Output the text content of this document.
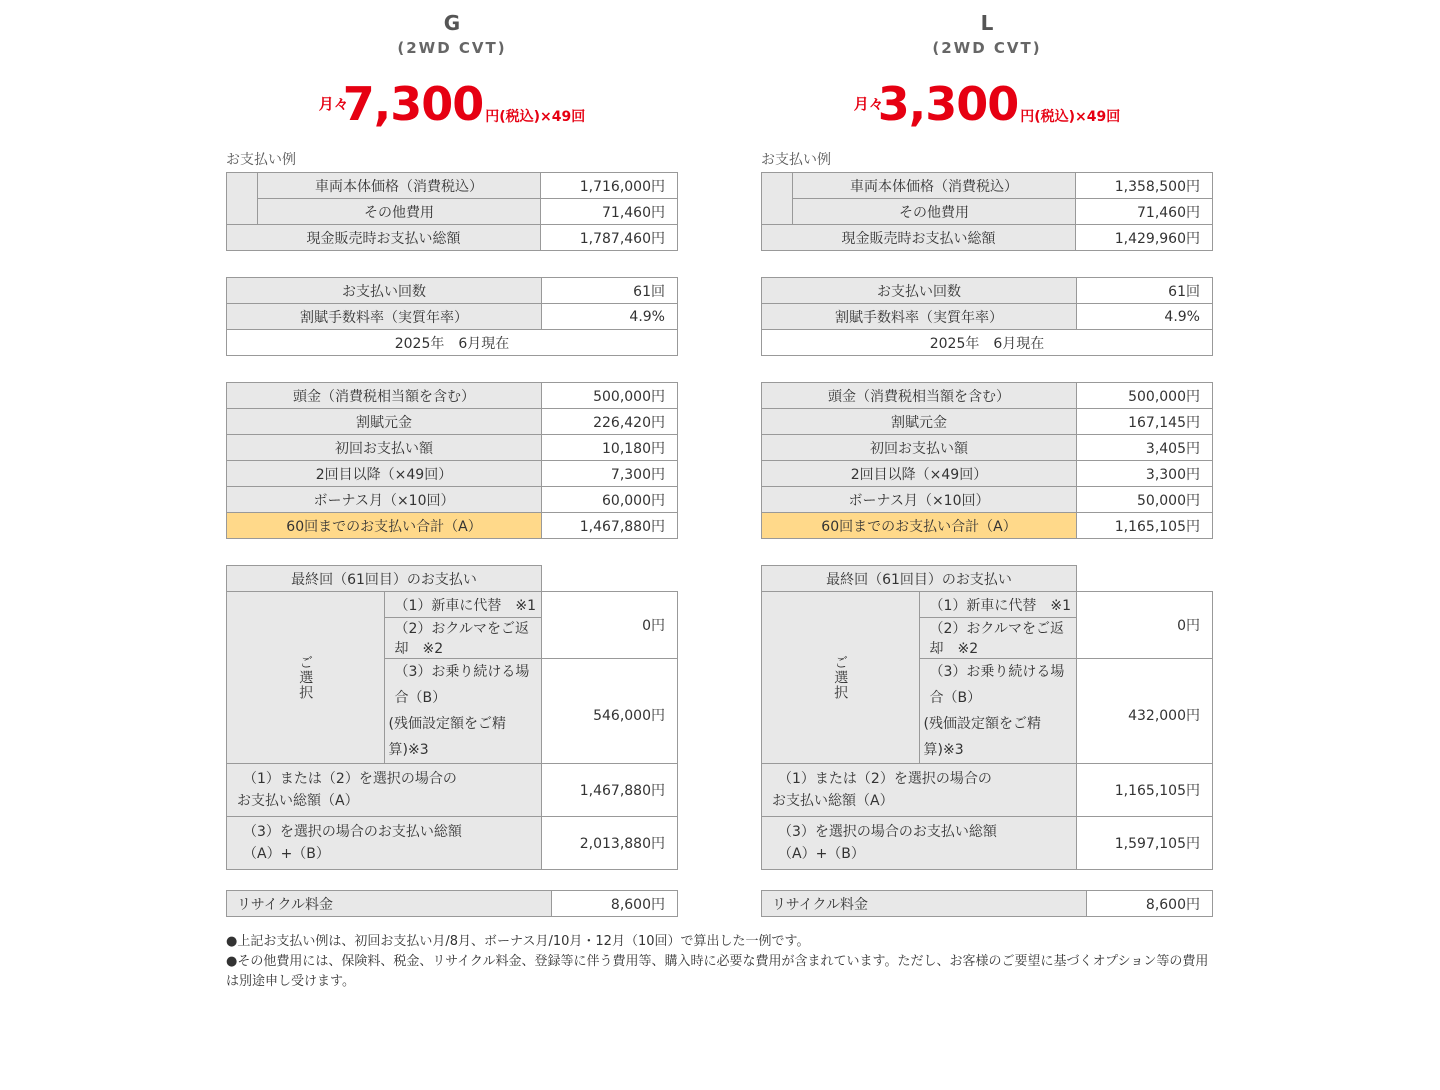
G
(2WD CVT)
月々
7,300 円(税込)×49回
お支払い例
	車両本体価格（消費税込）	1,716,000円
	その他費用	71,460円
現金販売時お支払い総額		1,787,460円
お支払い回数	61回
割賦手数料率（実質年率）	4.9%
2025年　6月現在	
頭金（消費税相当額を含む）	500,000円
割賦元金	226,420円
初回お支払い額	10,180円
2回目以降（×49回）	7,300円
ボーナス月（×10回）	60,000円
60回までのお支払い合計（A）	1,467,880円
最終回（61回目）のお支払い		

ご選択	（1）新車に代替　※1	0円
	（2）おクルマをご返却　※2	

	（3）お乗り続ける場合（B）
(残価設定額をご精算)※3	546,000円

（1）または（2）を選択の場合の
お支払い総額（A）		1,467,880円

（3）を選択の場合のお支払い総額
（A）+（B）		2,013,880円
リサイクル料金	8,600円
L
(2WD CVT)
月々
3,300 円(税込)×49回
お支払い例
	車両本体価格（消費税込）	1,358,500円
	その他費用	71,460円
現金販売時お支払い総額		1,429,960円
お支払い回数	61回
割賦手数料率（実質年率）	4.9%
2025年　6月現在	
頭金（消費税相当額を含む）	500,000円
割賦元金	167,145円
初回お支払い額	3,405円
2回目以降（×49回）	3,300円
ボーナス月（×10回）	50,000円
60回までのお支払い合計（A）	1,165,105円
最終回（61回目）のお支払い		

ご選択	（1）新車に代替　※1	0円
	（2）おクルマをご返却　※2	

	（3）お乗り続ける場合（B）
(残価設定額をご精算)※3	432,000円

（1）または（2）を選択の場合の
お支払い総額（A）		1,165,105円

（3）を選択の場合のお支払い総額
（A）+（B）		1,597,105円
リサイクル料金	8,600円
●上記お支払い例は、初回お支払い月/8月、ボーナス月/10月・12月（10回）で算出した一例です。
●その他費用には、保険料、税金、リサイクル料金、登録等に伴う費用等、購入時に必要な費用が含まれています。ただし、お客様のご要望に基づくオプション等の費用は別途申し受けます。
